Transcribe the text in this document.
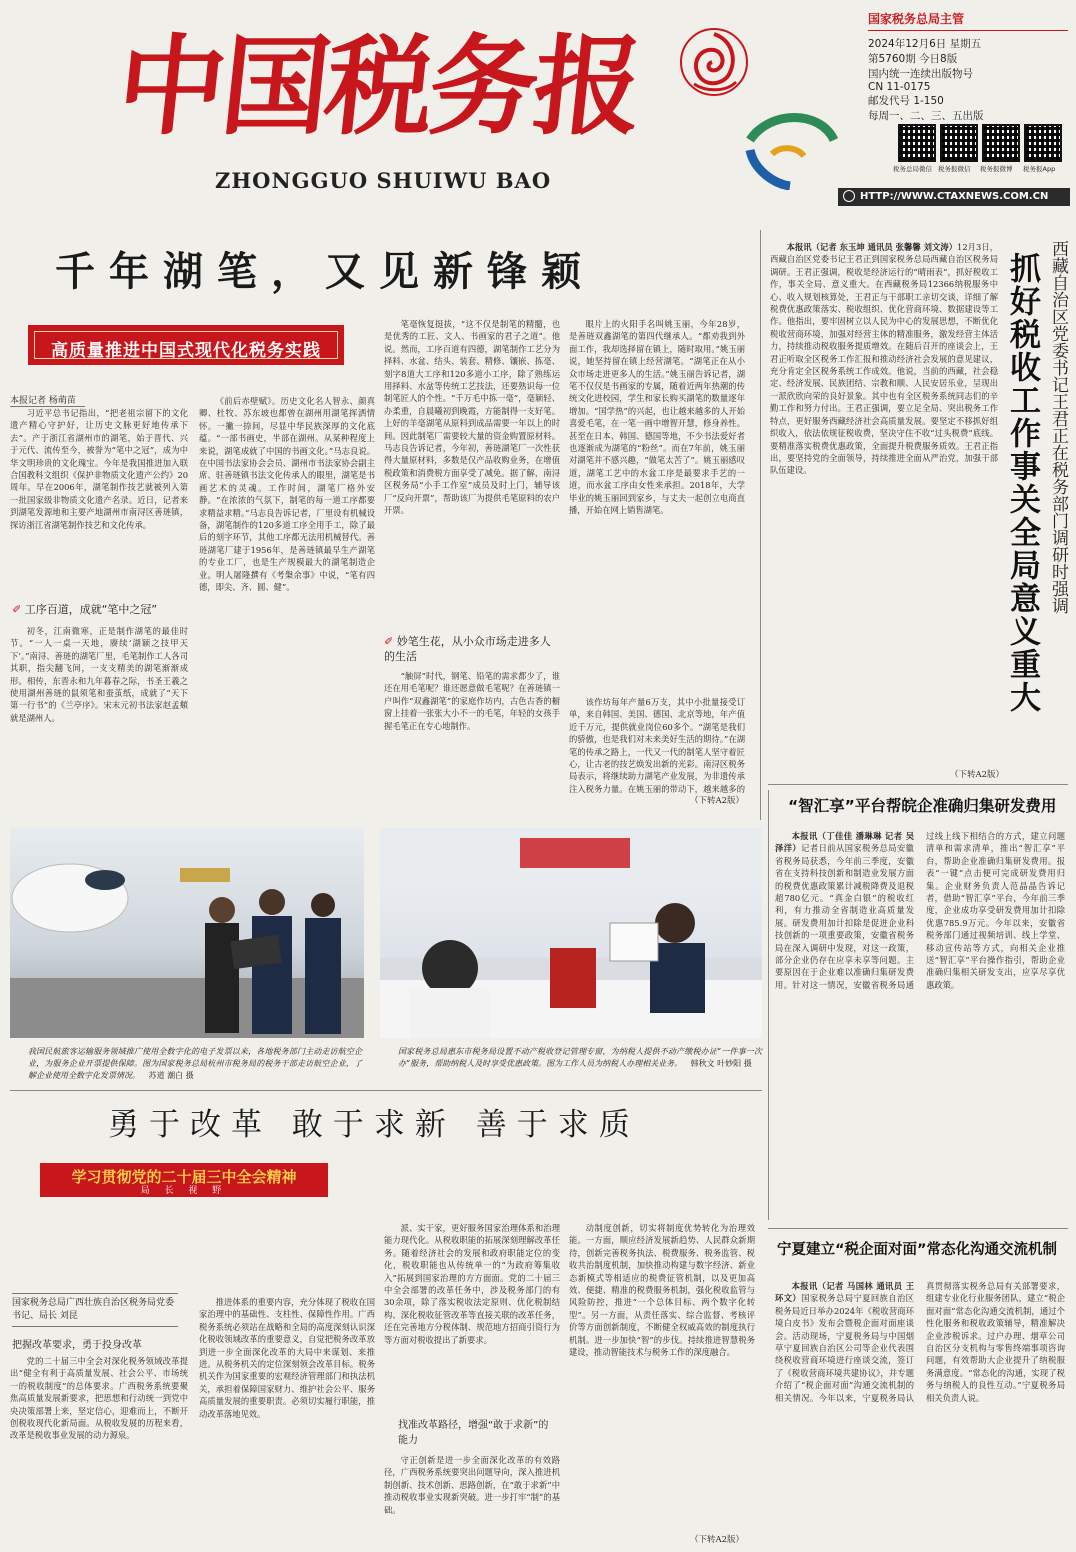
中国税务报
ZHONGGUO SHUIWU BAO
国家税务总局主管
2024年12月6日 星期五
第5760期 今日8版
国内统一连续出版物号
CN 11-0175
邮发代号 1-150
每周一、二、三、五出版
税务总局微信 税务报微信 税务报微博 税务报App
HTTP://WWW.CTAXNEWS.COM.CN
千年湖笔，又见新锋颖
高质量推进中国式现代化税务实践
本报记者 杨萌苗

习近平总书记指出，“把老祖宗留下的文化遗产精心守护好，让历史文脉更好地传承下去”。产于浙江省湖州市的湖笔，始于晋代、兴于元代、流传至今，被誉为“笔中之冠”，成为中华文明珍贵的文化瑰宝。今年是我国推进加入联合国教科文组织《保护非物质文化遗产公约》20周年。早在2006年，湖笔制作技艺就被列入第一批国家级非物质文化遗产名录。近日，记者来到湖笔发源地和主要产地湖州市南浔区善琏镇，探访浙江省湖笔制作技艺和文化传承。

✐ 工序百道，成就“笔中之冠”

初冬，江南微寒，正是制作湖笔的最佳时节。“一人一桌一天地，赓续‘湖颖之技甲天下’。”南浔、善琏的湖笔厂里，毛笔制作工人各司其职，指尖翻飞间，一支支精美的湖笔渐渐成形。相传，东晋永和九年暮春之际，书圣王羲之使用湖州善琏的鼠须笔和蚕茧纸，成就了“天下第一行书”的《兰亭序》。宋末元初书法家赵孟頫就是湖州人。

《前后赤壁赋》。历史文化名人智永、颜真卿、杜牧、苏东坡也都曾在湖州用湖笔挥洒情怀。一撇一捺间，尽显中华民族深厚的文化底蕴。“一部书画史，半部在湖州。从某种程度上来说，湖笔成就了中国的书画文化。”马志良说。在中国书法家协会会员、湖州市书法家协会副主席、驻善琏镇书法文化传承人的眼里，湖笔是书画艺术的灵魂。工作时间，湖笔厂格外安静。“在浓浓的气氛下，制笔的每一道工序都要求精益求精。”马志良告诉记者，厂里设有机械设备，湖笔制作的120多道工序全用手工，除了最后的刻字环节，其他工序都无法用机械替代。善琏湖笔厂建于1956年，是善琏镇最早生产湖笔的专业工厂，也是生产规模最大的湖笔制造企业。明人屠隆撰有《考槃余事》中说，“笔有四德，即尖、齐、圆、健”。

笔毫恢复挺拔，“这不仅是制笔的精髓，也是优秀的工匠、文人、书画家的君子之道”。他说。然而，工序百道有四德，湖笔制作工艺分为择料、水盆、结头、装套、精修、镶嵌、拣毫、刻字8道大工序和120多道小工序，除了熟练运用择料、水盆等传统工艺技法，还要熟识每一位制笔匠人的个性。“千万毛中拣一毫”，毫颖轻、办柔重，自晨曦初到晚霞，方能制得一支好笔。上好的羊毫湖笔从原料到成品需要一年以上的时间。因此制笔厂需要较大量的资金购置原材料。马志良告诉记者，今年初，善琏湖笔厂一次性获得大量原材料，多数是仅产品收购业务，在增值税政策和消费税方面享受了减免。据了解，南浔区税务局“小手工作室”成员及时上门，辅导该厂“反向开票”，帮助该厂为提供毛笔原料的农户开票。

✐ 妙笔生花，从小众市场走进多人的生活

“触屏”时代，钢笔、铅笔的需求都少了，谁还在用毛笔呢？谁还愿意做毛笔呢？在善琏镇一户叫作“双鑫湖笔”的家庭作坊内，古色古香的橱窗上挂着一张张大小不一的毛笔，年轻的女孩手握毛笔正在专心地制作。

眼片上的火阳手名叫姚玉丽，今年28岁，是善琏双鑫湖笔的第四代继承人。“都劝我到外面工作，我却选择留在镇上，随时取用。”姚玉丽说，她坚持留在镇上经营湖笔。“湖笔正在从小众市场走进更多人的生活。”姚玉丽告诉记者，湖笔不仅仅是书画家的专属，随着近两年热潮的传统文化进校园，学生和家长购买湖笔的数量逐年增加。“国学热”的兴起，也让越来越多的人开始喜爱毛笔，在一笔一画中增智开慧，修身养性。甚至在日本、韩国、德国等地，不少书法爱好者也逐渐成为湖笔的“粉丝”。而在7年前，姚玉丽对湖笔并不感兴趣，“做笔太苦了”。姚玉丽感叹道，湖笔工艺中的水盆工序是最要求手艺的一道，而水盆工序由女性来承担。2018年，大学毕业的姚玉丽回到家乡，与丈夫一起创立电商直播，开始在网上销售湖笔。

该作坊每年产量6万支，其中小批量接受订单，来自韩国、美国、德国、北京等地，年产值近千万元，提供就业岗位60多个。“湖笔是我们的骄傲，也是我们对未来美好生活的期待。”在湖笔的传承之路上，一代又一代的制笔人坚守着匠心，让古老的技艺焕发出新的光彩。南浔区税务局表示，将继续助力湖笔产业发展，为非遗传承注入税务力量。在姚玉丽的带动下，越来越多的

（下转A2版）

本报讯（记者 东玉坤 通讯员 张馨馨 刘文涛）12月3日，西藏自治区党委书记王君正到国家税务总局西藏自治区税务局调研。王君正强调，税收是经济运行的“晴雨表”，抓好税收工作，事关全局、意义重大。在西藏税务局12366纳税服务中心、收入规划核算处，王君正与干部职工亲切交谈，详细了解税费优惠政策落实、税收组织、优化营商环境、数据建设等工作。他指出，要牢固树立以人民为中心的发展思想，不断优化税收营商环境，加强对经营主体的精准服务，激发经营主体活力，持续推动税收服务提质增效。在随后召开的座谈会上，王君正听取全区税务工作汇报和推动经济社会发展的意见建议，充分肯定全区税务系统工作成效。他说，当前的西藏，社会稳定、经济发展、民族团结、宗教和顺、人民安居乐业，呈现出一派欣欣向荣的良好景象。其中也有全区税务系统同志们的辛勤工作和努力付出。王君正强调，要立足全局、突出税务工作特点，更好服务西藏经济社会高质量发展。要坚定不移抓好组织收入，依法依规征税收费，坚决守住不收“过头税费”底线。要精准落实税费优惠政策，全面提升税费服务质效。王君正指出，要坚持党的全面领导，持续推进全面从严治党，加强干部队伍建设。

（下转A2版）
抓好税收工作事关全局意义重大 西藏自治区党委书记王君正在税务部门调研时强调
“智汇享”平台帮皖企准确归集研发费用

本报讯（丁佳佳 潘琳琳 记者 吴泽洋）记者日前从国家税务总局安徽省税务局获悉，今年前三季度，安徽省在支持科技创新和制造业发展方面的税费优惠政策累计减税降费及退税超780亿元。“真金白银”的税收红利，有力推动全省制造业高质量发展。研发费用加计扣除是促进企业科技创新的一项重要政策，安徽省税务局在深入调研中发现，对这一政策，部分企业仍存在应享未享等问题。主要原因在于企业难以准确归集研发费用。针对这一情况，安徽省税务局通过线上线下相结合的方式，建立问题清单和需求清单，推出“智汇享”平台，帮助企业准确归集研发费用。报表“一键”点击便可完成研发费用归集。企业财务负责人范晶晶告诉记者，借助“智汇享”平台，今年前三季度，企业成功享受研发费用加计扣除优惠785.9万元。今年以来，安徽省税务部门通过视频培训、线上学堂、移动宣传站等方式，向相关企业推送“智汇享”平台操作指引，帮助企业准确归集相关研发支出，应享尽享优惠政策。

我国民航旅客运输服务领域推广使用全数字化的电子发票以来，各地税务部门主动走访航空企业，为服务企业开票提供保障。图为国家税务总局杭州市税务局的税务干部走访航空企业，了解企业使用全数字化发票情况。 苏道 潮白 摄
国家税务总局惠东市税务局设置不动产税收登记管理专窗，为纳税人提供不动产缴税办证“一件事一次办”服务，帮助纳税人及时享受优惠政策。图为工作人员为纳税人办理相关业务。 韩秋文 叶妙阳 摄
勇于改革 敢于求新 善于求质
学习贯彻党的二十届三中全会精神
局 长 视 野
国家税务总局广西壮族自治区税务局党委书记、局长 刘昆
把握改革要求，勇于投身改革

党的二十届三中全会对深化税务领域改革提出“健全有利于高质量发展、社会公平、市场统一的税收制度”的总体要求。广西税务系统要聚焦高质量发展新要求，把思想和行动统一到党中央决策部署上来，坚定信心，迎难而上，不断开创税收现代化新局面。从税收发展的历程来看，改革是税收事业发展的动力源泉。

推进体系的重要内容，充分体现了税收在国家治理中的基础性、支柱性、保障性作用。广西税务系统必须站在战略和全局的高度深刻认识深化税收领域改革的重要意义，自觉把税务改革放到进一步全面深化改革的大局中来谋划、来推进。从税务机关的定位深刻领会改革目标。税务机关作为国家重要的宏观经济管理部门和执法机关，承担着保障国家财力、维护社会公平、服务高质量发展的重要职责。必须切实履行职能，推动改革落地见效。

派、实干家，更好服务国家治理体系和治理能力现代化。从税收职能的拓展深刻理解改革任务。随着经济社会的发展和政府职能定位的变化，税收职能也从传统单一的“为政府筹集收入”拓展到国家治理的方方面面。党的二十届三中全会部署的改革任务中，涉及税务部门的有30余项，除了落实税收法定原则、优化税制结构、深化税收征管改革等直接关联的改革任务，还在完善地方分税体制、规范地方招商引资行为等方面对税收提出了新要求。

找准改革路径，增强“敢于求新”的能力

守正创新是进一步全面深化改革的有效路径，广西税务系统要突出问题导向，深入推进机制创新、技术创新、思路创新，在“敢于求新”中推动税收事业实现新突破。进一步打牢“制”的基础。

动制度创新，切实将制度优势转化为治理效能。一方面，顺应经济发展新趋势、人民群众新期待，创新完善税务执法、税费服务、税务监管、税收共治制度机制，加快推动构建与数字经济、新业态新模式等相适应的税费征管机制，以及更加高效、便捷、精准的税费服务机制，强化税收监管与风险防控，推进“一个总体目标、两个数字化转型”。另一方面，从责任落实、综合监督、考核评价等方面创新制度，不断健全权威高效的制度执行机制。进一步加快“智”的步伐。持续推进智慧税务建设，推动智能技术与税务工作的深度融合。

（下转A2版）
宁夏建立“税企面对面”常态化沟通交流机制

本报讯（记者 马国林 通讯员 王环文）国家税务总局宁夏回族自治区税务局近日举办2024年《税收营商环境白皮书》发布会暨税企面对面座谈会。活动现场，宁夏税务局与中国烟草宁夏回族自治区公司等企业代表围绕税收营商环境进行座谈交流，签订了《税收营商环境共建协议》，并专题介绍了“税企面对面”沟通交流机制的相关情况。今年以来，宁夏税务局认真贯彻落实税务总局有关部署要求，组建专业化行业服务团队，建立“税企面对面”常态化沟通交流机制，通过个性化服务和税收政策辅导，精准解决企业涉税诉求。过户办理、烟草公司自治区分支机构与零售终端事项咨询问题，有效帮助大企业提升了纳税服务满意度。“常态化的沟通，实现了税务与纳税人的良性互动。”宁夏税务局相关负责人说。
